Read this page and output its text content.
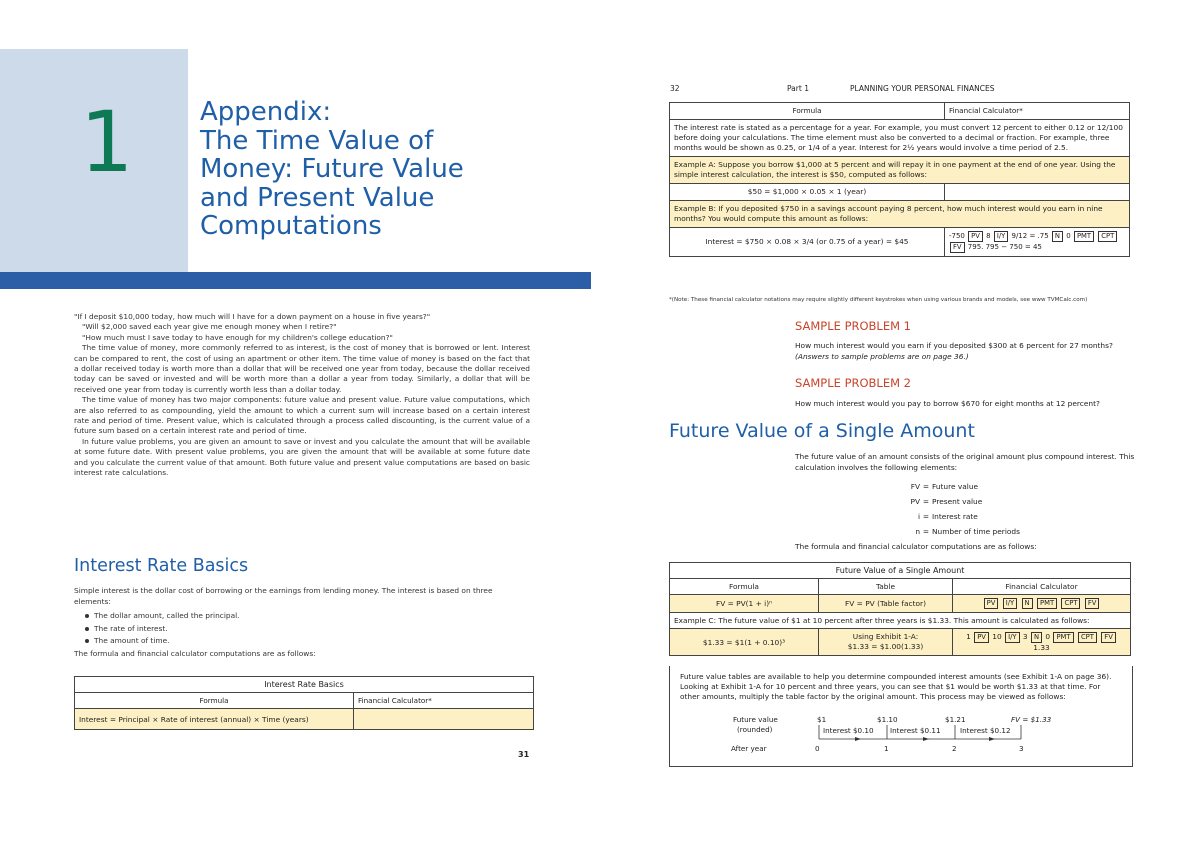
1	Appendix:
The Time Value of
Money: Future Value
and Present Value
Computations

"If I deposit $10,000 today, how much will I have for a down payment on a house in five years?"

"Will $2,000 saved each year give me enough money when I retire?"

"How much must I save today to have enough for my children's college education?"

The time value of money, more commonly referred to as interest, is the cost of money that is borrowed or lent. Interest can be compared to rent, the cost of using an apartment or other item. The time value of money is based on the fact that a dollar received today is worth more than a dollar that will be received one year from today, because the dollar received today can be saved or invested and will be worth more than a dollar a year from today. Similarly, a dollar that will be received one year from today is currently worth less than a dollar today.

The time value of money has two major components: future value and present value. Future value computations, which are also referred to as compounding, yield the amount to which a current sum will increase based on a certain interest rate and period of time. Present value, which is calculated through a process called discounting, is the current value of a future sum based on a certain interest rate and period of time.

In future value problems, you are given an amount to save or invest and you calculate the amount that will be available at some future date. With present value problems, you are given the amount that will be available at some future date and you calculate the current value of that amount. Both future value and present value computations are based on basic interest rate calculations.

Interest Rate Basics

Simple interest is the dollar cost of borrowing or the earnings from lending money. The interest is based on three elements:

The dollar amount, called the principal.
The rate of interest.
The amount of time.

The formula and financial calculator computations are as follows:

Interest Rate Basics	
Formula	Financial Calculator*
Interest = Principal × Rate of interest (annual) × Time (years)	
31
32	Part 1	PLANNING YOUR PERSONAL FINANCES
Formula	Financial Calculator*
The interest rate is stated as a percentage for a year. For example, you must convert 12 percent to either 0.12 or 12/100 before doing your calculations. The time element must also be converted to a decimal or fraction. For example, three months would be shown as 0.25, or 1/4 of a year. Interest for 2½ years would involve a time period of 2.5.	
Example A: Suppose you borrow $1,000 at 5 percent and will repay it in one payment at the end of one year. Using the simple interest calculation, the interest is $50, computed as follows:	
$50 = $1,000 × 0.05 × 1 (year)	
Example B: If you deposited $750 in a savings account paying 8 percent, how much interest would you earn in nine months? You would compute this amount as follows:	
Interest = $750 × 0.08 × 3/4 (or 0.75 of a year) = $45	-750 PV 8 I/Y 9/12 = .75 N 0 PMT CPT
FV 795. 795 − 750 = 45
*(Note: These financial calculator notations may require slightly different keystrokes when using various brands and models, see www TVMCalc.com)
SAMPLE PROBLEM 1
How much interest would you earn if you deposited $300 at 6 percent for 27 months?
(Answers to sample problems are on page 36.)
SAMPLE PROBLEM 2
How much interest would you pay to borrow $670 for eight months at 12 percent?
Future Value of a Single Amount
The future value of an amount consists of the original amount plus compound interest. This calculation involves the following elements:
FV = Future value
PV = Present value
i = Interest rate
n = Number of time periods
The formula and financial calculator computations are as follows:
Future Value of a Single Amount		
Formula	Table	Financial Calculator
FV = PV(1 + i)ⁿ	FV = PV (Table factor)	PV I/Y N PMT CPT FV
Example C: The future value of $1 at 10 percent after three years is $1.33. This amount is calculated as follows:		
$1.33 = $1(1 + 0.10)³	Using Exhibit 1-A:
$1.33 = $1.00(1.33)	1 PV 10 I/Y 3 N 0 PMT CPT FV 1.33
Future value tables are available to help you determine compounded interest amounts (see Exhibit 1-A on page 36). Looking at Exhibit 1-A for 10 percent and three years, you can see that $1 would be worth $1.33 at that time. For other amounts, multiply the table factor by the original amount. This process may be viewed as follows:
Future value
(rounded)
$1	$1.10	$1.21	FV = $1.33
Interest $0.10 Interest $0.11	Interest $0.12
After year	0	1	2	3
